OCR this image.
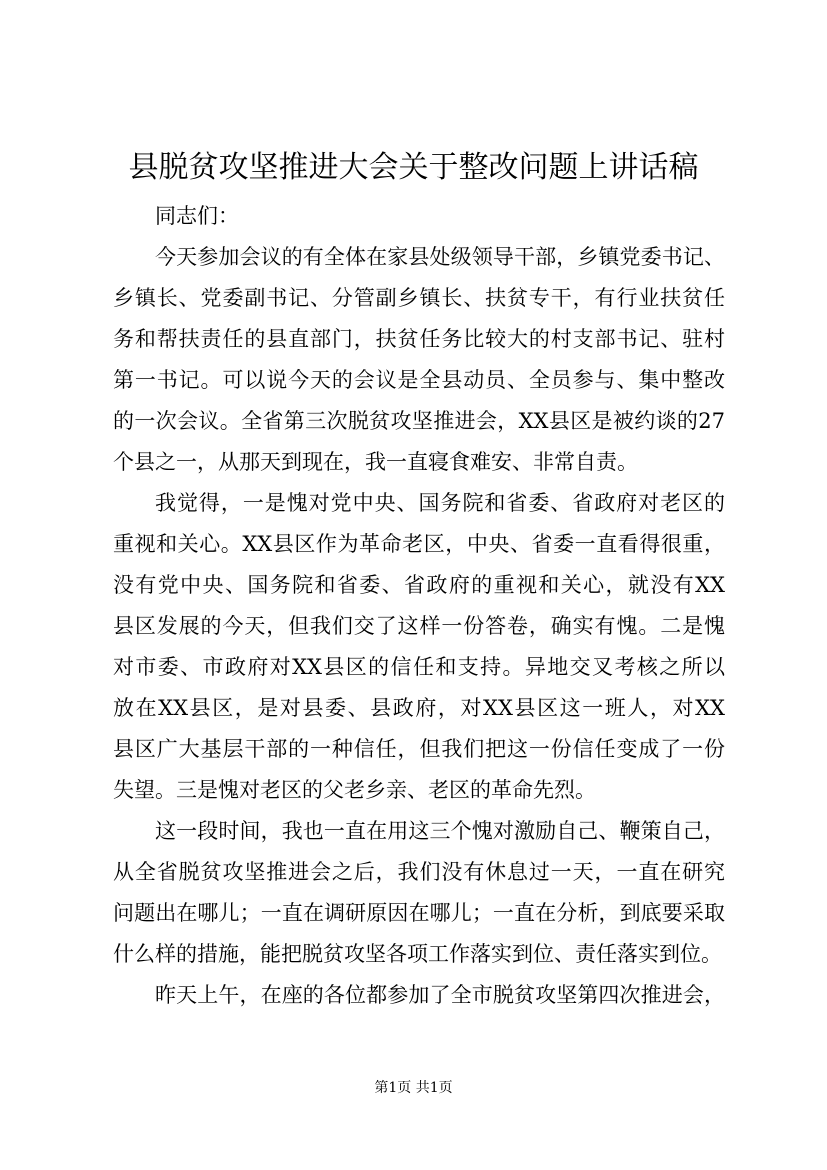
县脱贫攻坚推进大会关于整改问题上讲话稿
同志们：
今天参加会议的有全体在家县处级领导干部，乡镇党委书记、
乡镇长、党委副书记、分管副乡镇长、扶贫专干，有行业扶贫任
务和帮扶责任的县直部门，扶贫任务比较大的村支部书记、驻村
第一书记。可以说今天的会议是全县动员、全员参与、集中整改
的一次会议。全省第三次脱贫攻坚推进会，XX县区是被约谈的27
个县之一，从那天到现在，我一直寝食难安、非常自责。
我觉得，一是愧对党中央、国务院和省委、省政府对老区的
重视和关心。XX县区作为革命老区，中央、省委一直看得很重，
没有党中央、国务院和省委、省政府的重视和关心，就没有XX
县区发展的今天，但我们交了这样一份答卷，确实有愧。二是愧
对市委、市政府对XX县区的信任和支持。异地交叉考核之所以
放在XX县区，是对县委、县政府，对XX县区这一班人，对XX
县区广大基层干部的一种信任，但我们把这一份信任变成了一份
失望。三是愧对老区的父老乡亲、老区的革命先烈。
这一段时间，我也一直在用这三个愧对激励自己、鞭策自己，
从全省脱贫攻坚推进会之后，我们没有休息过一天，一直在研究
问题出在哪儿；一直在调研原因在哪儿；一直在分析，到底要采取
什么样的措施，能把脱贫攻坚各项工作落实到位、责任落实到位。
昨天上午，在座的各位都参加了全市脱贫攻坚第四次推进会，
第1页 共1页
